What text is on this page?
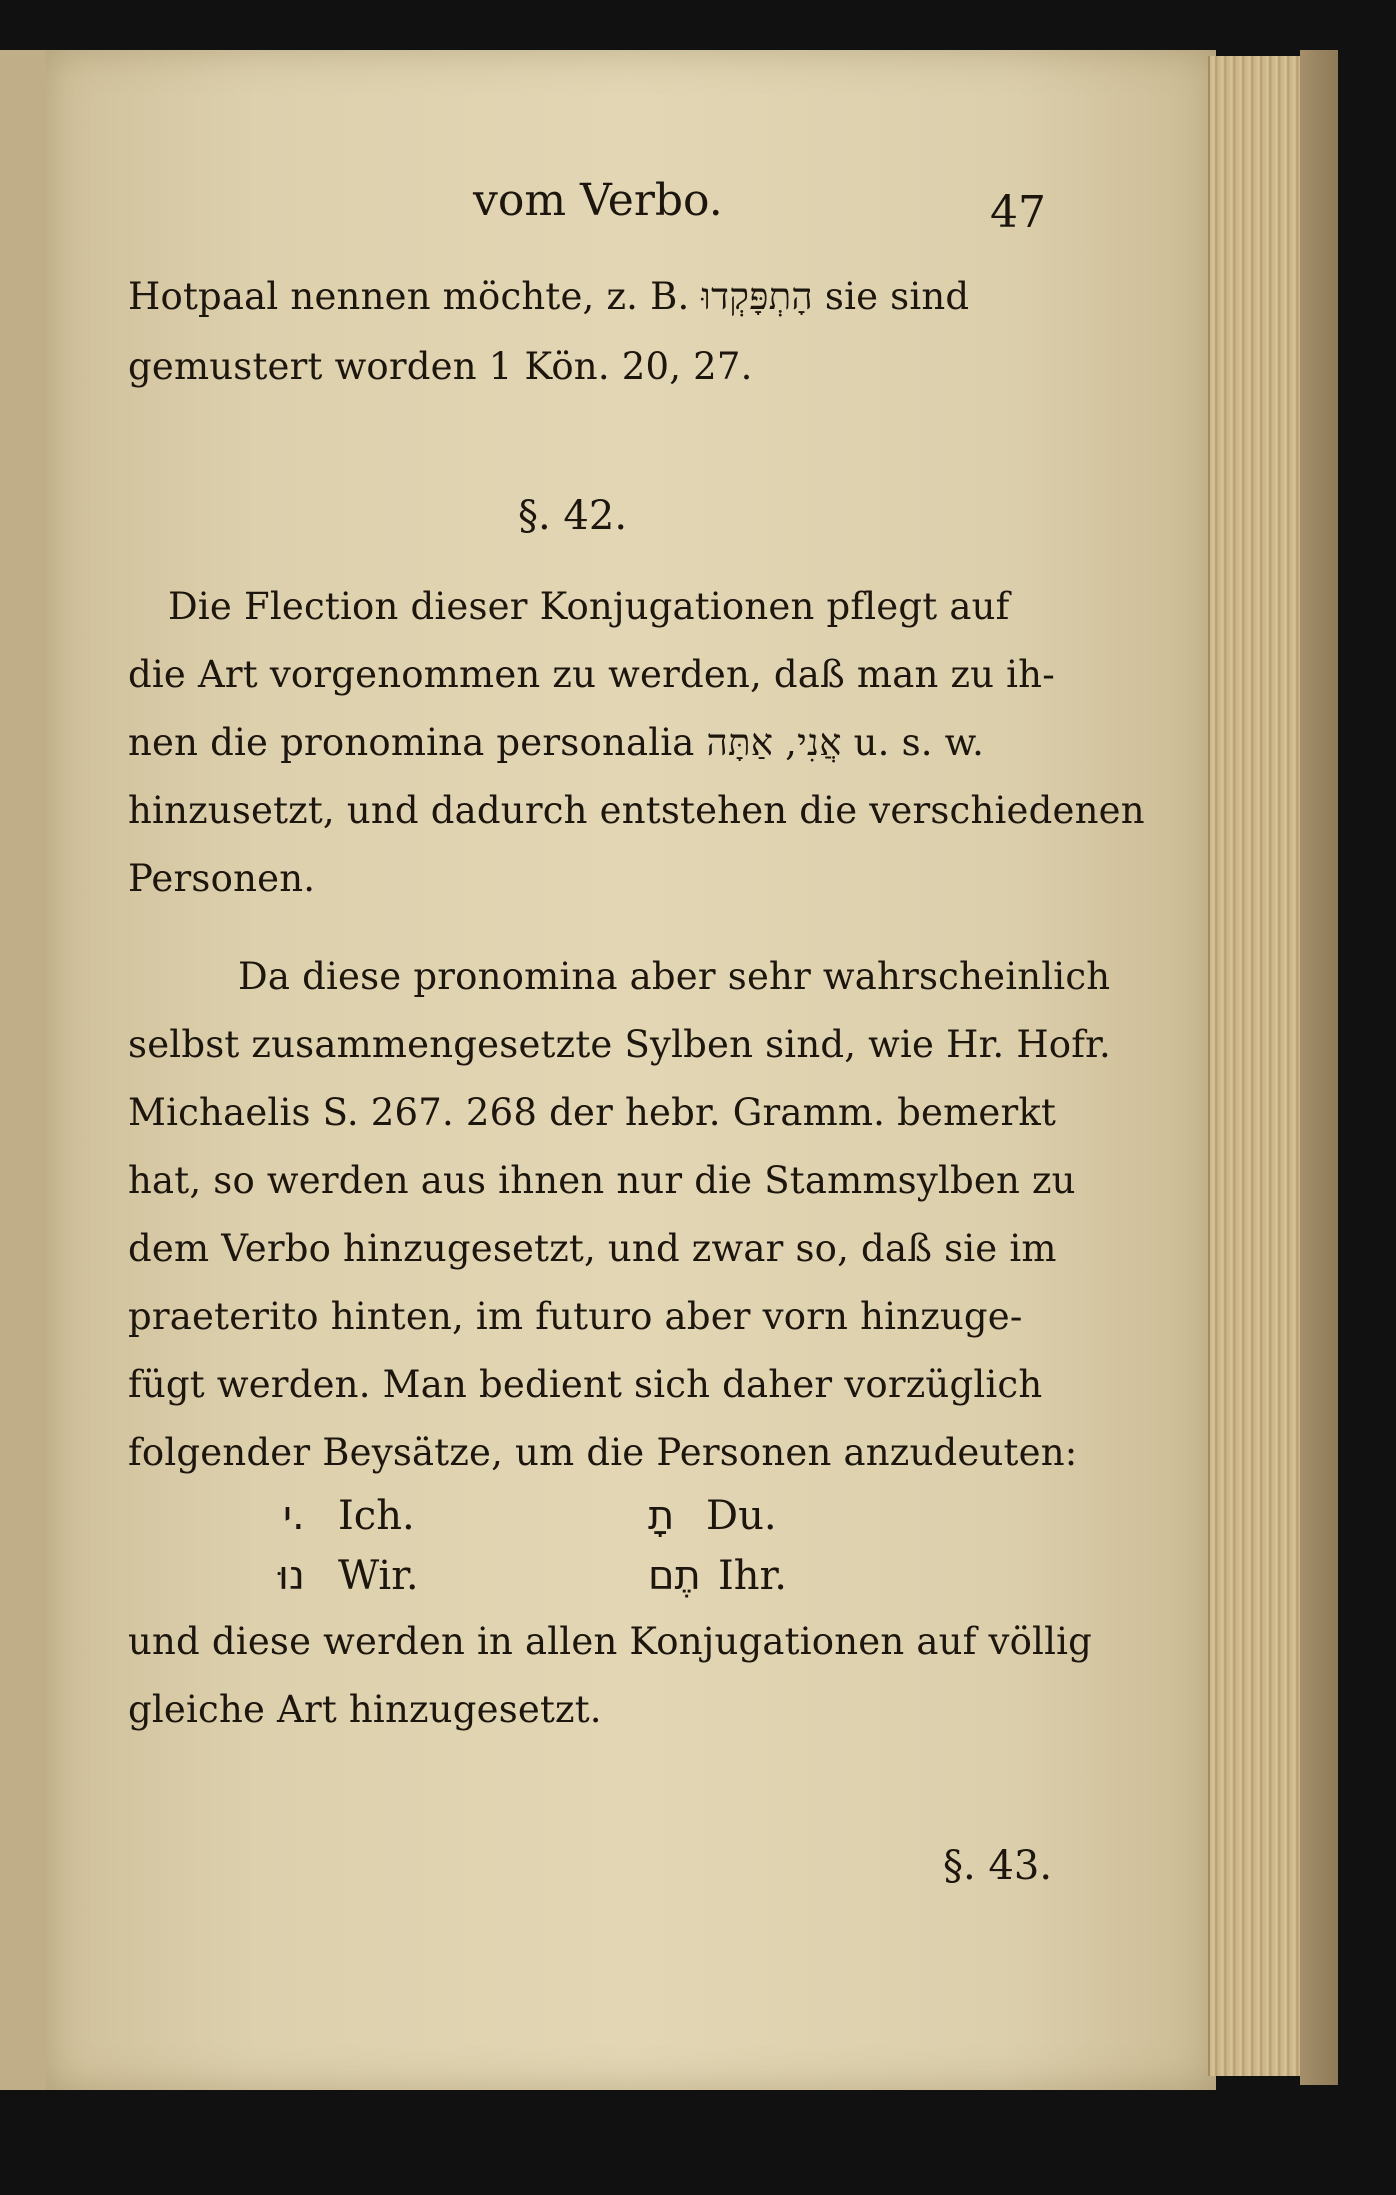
vom Verbo.	47
Hotpaal nennen möchte, z. B. הָתְפָּקְדוּ sie sind
gemustert worden 1 Kön. 20, 27.
§. 42.
Die Flection dieser Konjugationen pflegt auf
die Art vorgenommen zu werden, daß man zu ih-
nen die pronomina personalia אֲנִי, אַתָּה u. s. w.
hinzusetzt, und dadurch entstehen die verschiedenen
Personen.
Da diese pronomina aber sehr wahrscheinlich
selbst zusammengesetzte Sylben sind, wie Hr. Hofr.
Michaelis S. 267. 268 der hebr. Gramm. bemerkt
hat, so werden aus ihnen nur die Stammsylben zu
dem Verbo hinzugesetzt, und zwar so, daß sie im
praeterito hinten, im futuro aber vorn hinzuge-
fügt werden. Man bedient sich daher vorzüglich
folgender Beysätze, um die Personen anzudeuten:
י. Ich.	תָ Du.
נוּ Wir.	תֶם Ihr.
und diese werden in allen Konjugationen auf völlig
gleiche Art hinzugesetzt.
§. 43.
